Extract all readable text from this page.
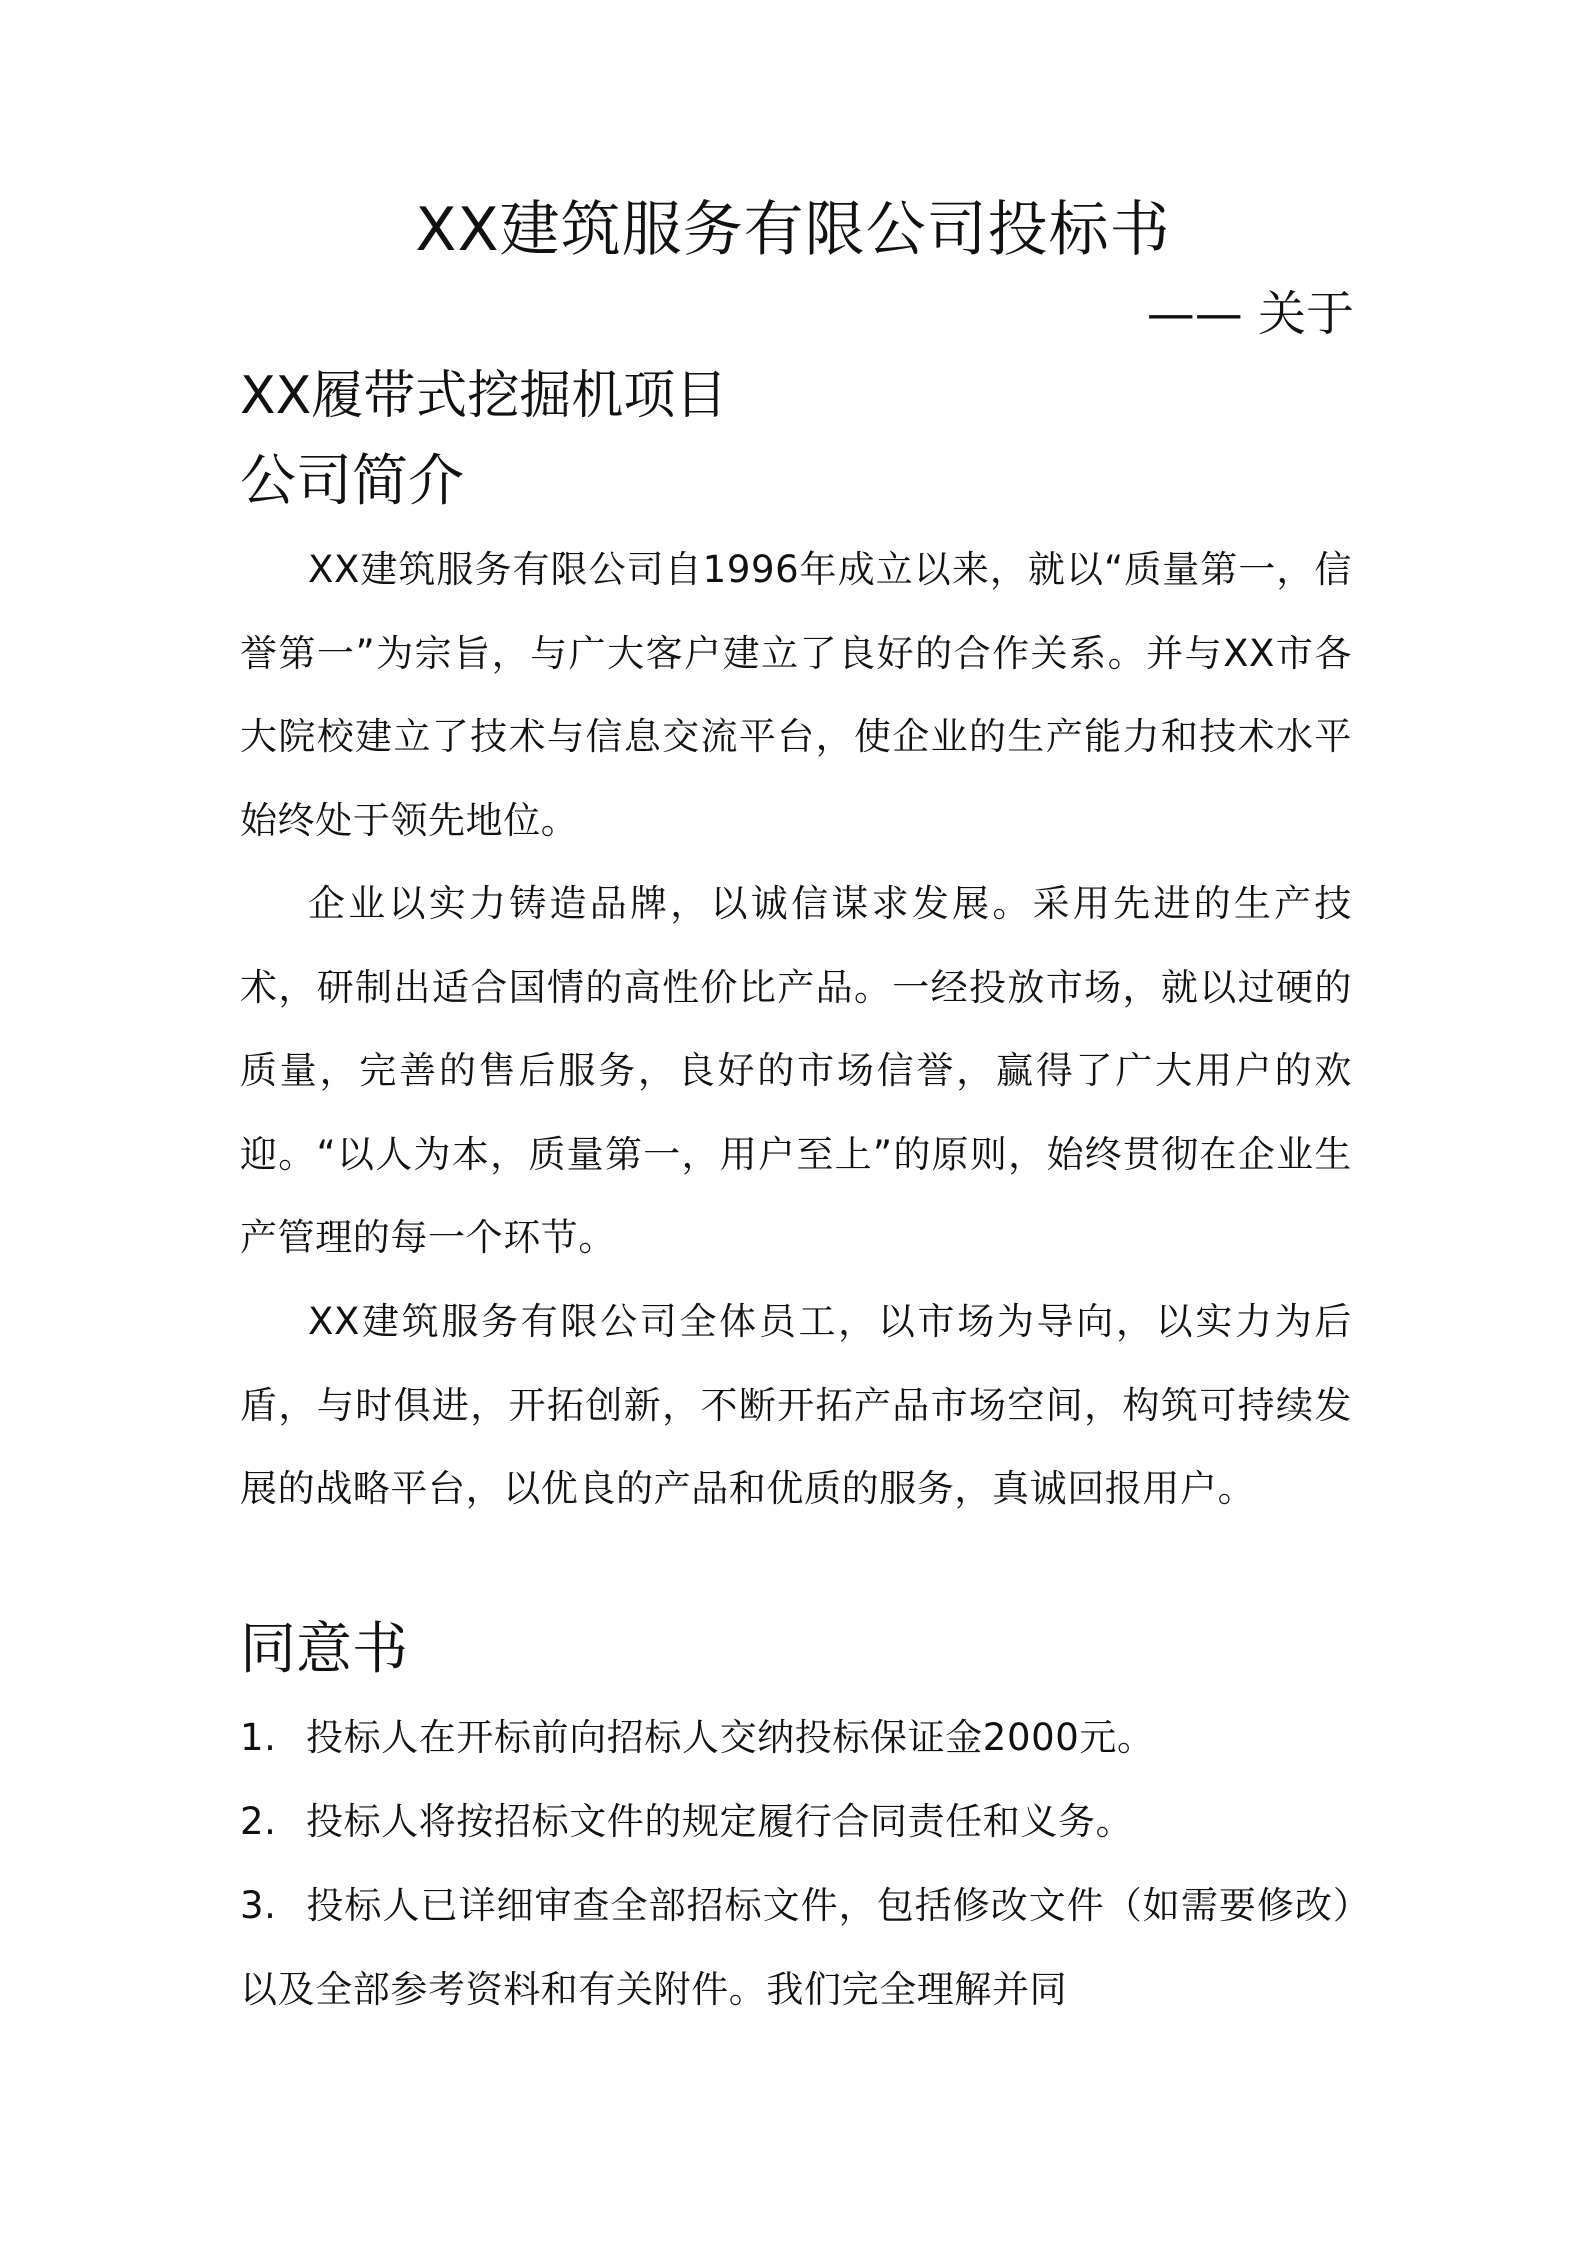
XX建筑服务有限公司投标书

—— 关于

XX履带式挖掘机项目
公司简介

XX建筑服务有限公司自1996年成立以来，就以“质量第一，信誉第一”为宗旨，与广大客户建立了良好的合作关系。并与XX市各大院校建立了技术与信息交流平台，使企业的生产能力和技术水平始终处于领先地位。

企业以实力铸造品牌，以诚信谋求发展。采用先进的生产技术，研制出适合国情的高性价比产品。一经投放市场，就以过硬的质量，完善的售后服务，良好的市场信誉，赢得了广大用户的欢迎。“以人为本，质量第一，用户至上”的原则，始终贯彻在企业生产管理的每一个环节。

XX建筑服务有限公司全体员工，以市场为导向，以实力为后盾，与时俱进，开拓创新，不断开拓产品市场空间，构筑可持续发展的战略平台，以优良的产品和优质的服务，真诚回报用户。

同意书

1. 投标人在开标前向招标人交纳投标保证金2000元。

2. 投标人将按招标文件的规定履行合同责任和义务。

3. 投标人已详细审查全部招标文件，包括修改文件（如需要修改）以及全部参考资料和有关附件。我们完全理解并同
